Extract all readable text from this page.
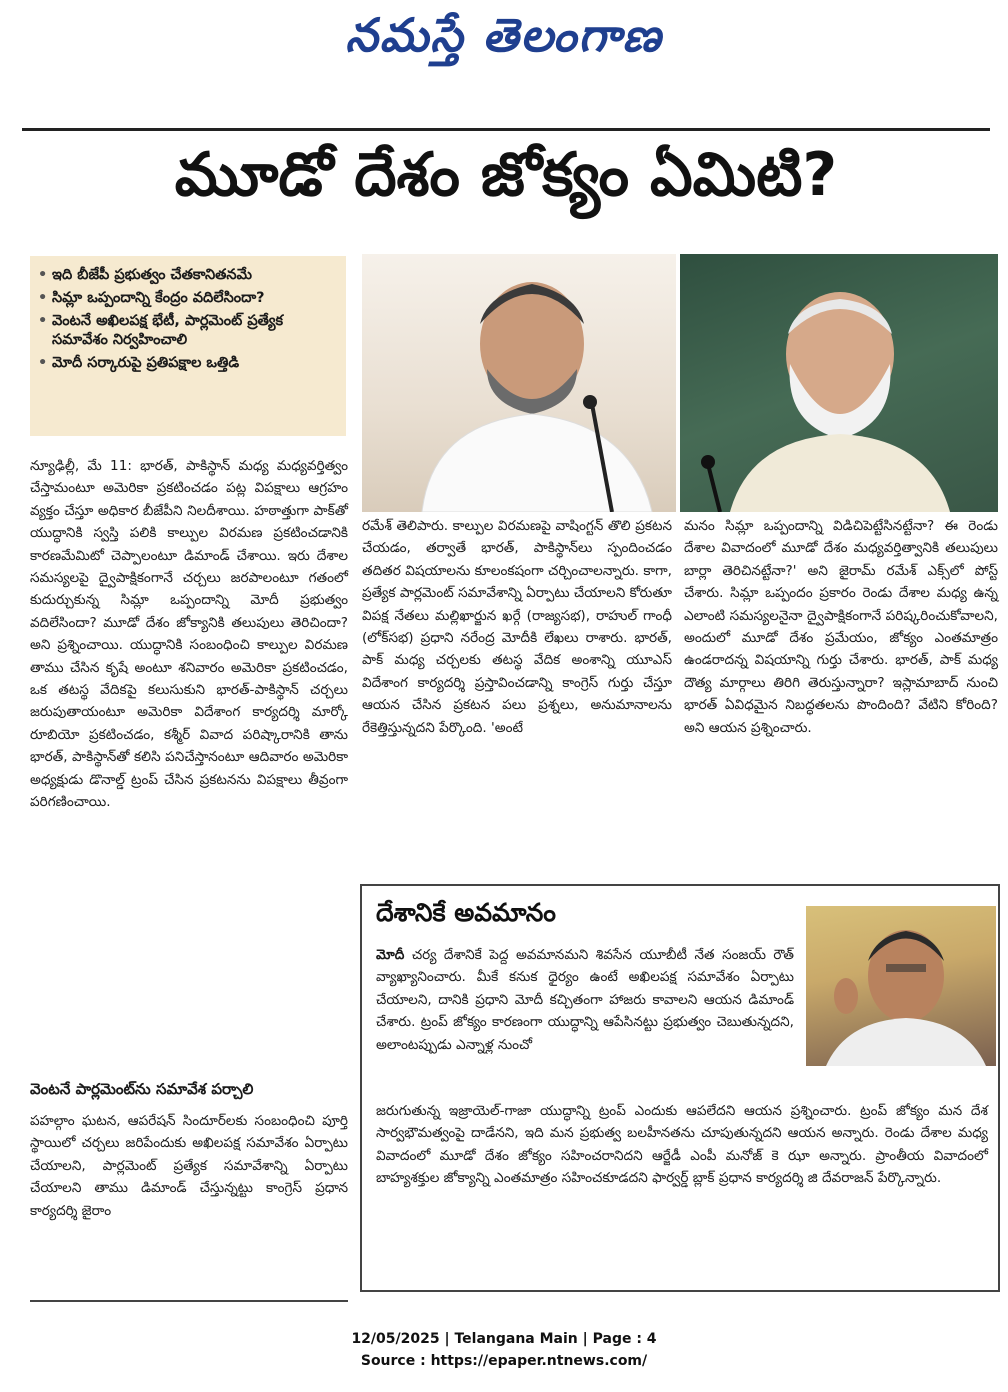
నమస్తే తెలంగాణ
మూడో దేశం జోక్యం ఏమిటి?
• ఇది బీజేపీ ప్రభుత్వం చేతకానితనమే
• సిమ్లా ఒప్పందాన్ని కేంద్రం వదిలేసిందా?
• వెంటనే అఖిలపక్ష భేటీ, పార్లమెంట్ ప్రత్యేక సమావేశం నిర్వహించాలి
• మోదీ సర్కారుపై ప్రతిపక్షాల ఒత్తిడి

న్యూఢిల్లీ, మే 11: భారత్, పాకిస్థాన్ మధ్య మధ్యవర్తిత్వం చేస్తామంటూ అమెరికా ప్రకటించడం పట్ల విపక్షాలు ఆగ్రహం వ్యక్తం చేస్తూ అధికార బీజేపీని నిలదీశాయి. హఠాత్తుగా పాక్‌తో యుద్ధానికి స్వస్తి పలికి కాల్పుల విరమణ ప్రకటించడానికి కారణమేమిటో చెప్పాలంటూ డిమాండ్ చేశాయి. ఇరు దేశాల సమస్యలపై ద్వైపాక్షికంగానే చర్చలు జరపాలంటూ గతంలో కుదుర్చుకున్న సిమ్లా ఒప్పందాన్ని మోదీ ప్రభుత్వం వదిలేసిందా? మూడో దేశం జోక్యానికి తలుపులు తెరిచిందా? అని ప్రశ్నించాయి. యుద్ధానికి సంబంధించి కాల్పుల విరమణ తాము చేసిన కృషే అంటూ శనివారం అమెరికా ప్రకటించడం, ఒక తటస్థ వేదికపై కలుసుకుని భారత్-పాకిస్థాన్ చర్చలు జరుపుతాయంటూ అమెరికా విదేశాంగ కార్యదర్శి మార్కో రూబియో ప్రకటించడం, కశ్మీర్ వివాద పరిష్కారానికి తాను భారత్, పాకిస్థాన్‌తో కలిసి పనిచేస్తానంటూ ఆదివారం అమెరికా అధ్యక్షుడు డొనాల్డ్ ట్రంప్ చేసిన ప్రకటనను విపక్షాలు తీవ్రంగా పరిగణించాయి.

వెంటనే పార్లమెంట్‌ను సమావేశ పర్చాలి

పహల్గాం ఘటన, ఆపరేషన్ సిందూర్‌లకు సంబంధించి పూర్తి స్థాయిలో చర్చలు జరిపేందుకు అఖిలపక్ష సమావేశం ఏర్పాటు చేయాలని, పార్లమెంట్ ప్రత్యేక సమావేశాన్ని ఏర్పాటు చేయాలని తాము డిమాండ్ చేస్తున్నట్టు కాంగ్రెస్ ప్రధాన కార్యదర్శి జైరాం

రమేశ్ తెలిపారు. కాల్పుల విరమణపై వాషింగ్టన్ తొలి ప్రకటన చేయడం, తర్వాతే భారత్, పాకిస్థాన్‌లు స్పందించడం తదితర విషయాలను కూలంకషంగా చర్చించాలన్నారు. కాగా, ప్రత్యేక పార్లమెంట్ సమావేశాన్ని ఏర్పాటు చేయాలని కోరుతూ విపక్ష నేతలు మల్లిఖార్జున ఖర్గే (రాజ్యసభ), రాహుల్ గాంధీ (లోక్‌సభ) ప్రధాని నరేంద్ర మోదీకి లేఖలు రాశారు. భారత్, పాక్ మధ్య చర్చలకు తటస్థ వేదిక అంశాన్ని యూఎస్ విదేశాంగ కార్యదర్శి ప్రస్తావించడాన్ని కాంగ్రెస్ గుర్తు చేస్తూ ఆయన చేసిన ప్రకటన పలు ప్రశ్నలు, అనుమానాలను రేకెత్తిస్తున్నదని పేర్కొంది. 'అంటే

మనం సిమ్లా ఒప్పందాన్ని విడిచిపెట్టేసినట్టేనా? ఈ రెండు దేశాల వివాదంలో మూడో దేశం మధ్యవర్తిత్వానికి తలుపులు బార్లా తెరిచినట్టేనా?' అని జైరామ్ రమేశ్ ఎక్స్‌లో పోస్ట్ చేశారు. సిమ్లా ఒప్పందం ప్రకారం రెండు దేశాల మధ్య ఉన్న ఎలాంటి సమస్యలనైనా ద్వైపాక్షికంగానే పరిష్కరించుకోవాలని, అందులో మూడో దేశం ప్రమేయం, జోక్యం ఎంతమాత్రం ఉండరాదన్న విషయాన్ని గుర్తు చేశారు. భారత్, పాక్ మధ్య దౌత్య మార్గాలు తిరిగి తెరుస్తున్నారా? ఇస్లామాబాద్ నుంచి భారత్ ఏవిధమైన నిబద్ధతలను పొందింది? వేటిని కోరింది? అని ఆయన ప్రశ్నించారు.

దేశానికే అవమానం
మోదీ చర్య దేశానికే పెద్ద అవమానమని శివసేన యూబీటీ నేత సంజయ్ రౌత్ వ్యాఖ్యానించారు. మీకే కనుక ధైర్యం ఉంటే అఖిలపక్ష సమావేశం ఏర్పాటు చేయాలని, దానికి ప్రధాని మోదీ కచ్చితంగా హాజరు కావాలని ఆయన డిమాండ్ చేశారు. ట్రంప్ జోక్యం కారణంగా యుద్ధాన్ని ఆపేసినట్టు ప్రభుత్వం చెబుతున్నదని, అలాంటప్పుడు ఎన్నాళ్ల నుంచో
జరుగుతున్న ఇజ్రాయెల్-గాజా యుద్ధాన్ని ట్రంప్ ఎందుకు ఆపలేదని ఆయన ప్రశ్నించారు. ట్రంప్ జోక్యం మన దేశ సార్వభౌమత్వంపై దాడేనని, ఇది మన ప్రభుత్వ బలహీనతను చూపుతున్నదని ఆయన అన్నారు. రెండు దేశాల మధ్య వివాదంలో మూడో దేశం జోక్యం సహించరానిదని ఆర్జేడీ ఎంపీ మనోజ్ కె ఝా అన్నారు. ప్రాంతీయ వివాదంలో బాహ్యశక్తుల జోక్యాన్ని ఎంతమాత్రం సహించకూడదని ఫార్వర్డ్ బ్లాక్ ప్రధాన కార్యదర్శి జి దేవరాజన్ పేర్కొన్నారు.
12/05/2025 | Telangana Main | Page : 4
Source : https://epaper.ntnews.com/
